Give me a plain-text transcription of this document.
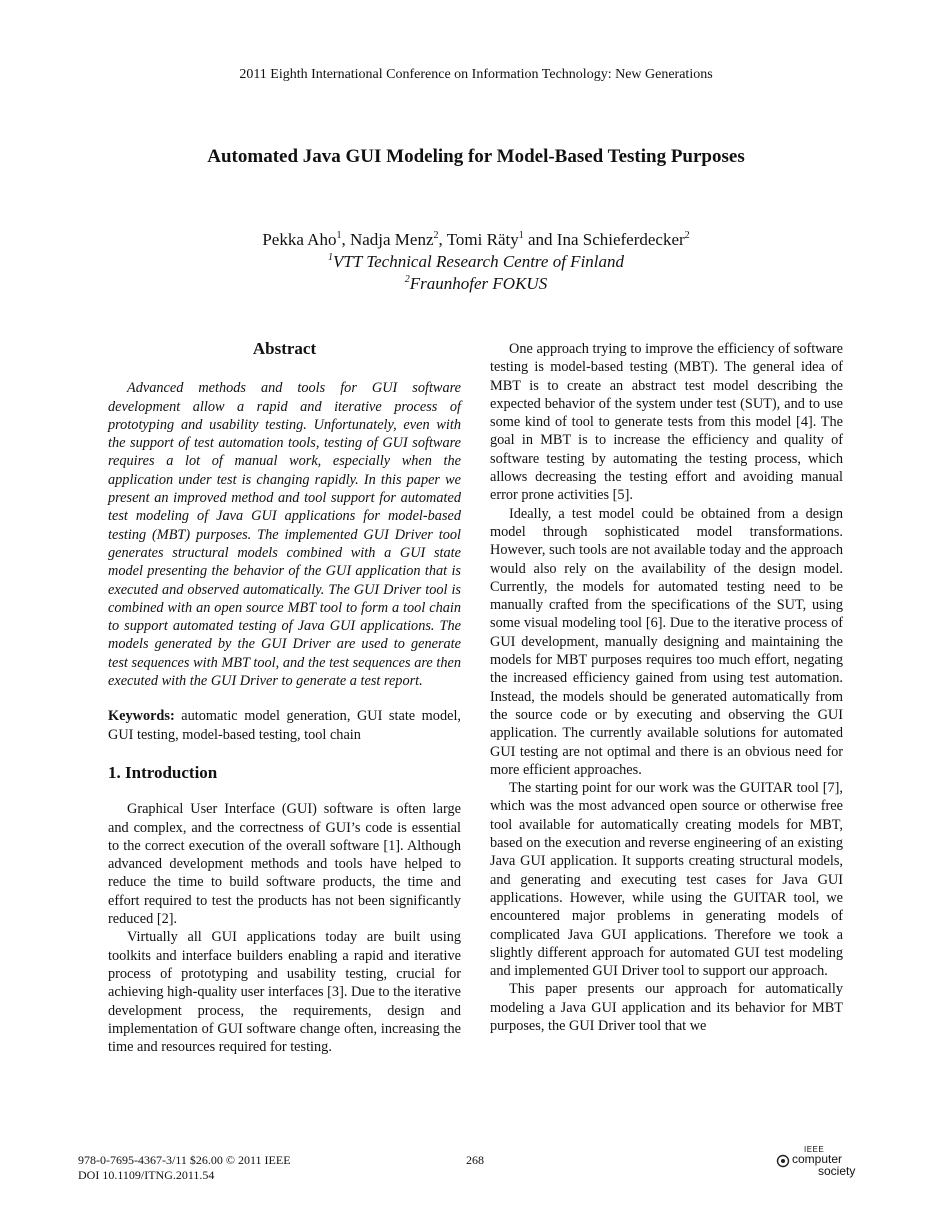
2011 Eighth International Conference on Information Technology: New Generations
Automated Java GUI Modeling for Model-Based Testing Purposes
Pekka Aho$^1$, Nadja Menz$^2$, Tomi Räty$^1$ and Ina Schieferdecker$^2$
$^1$VTT Technical Research Centre of Finland
$^2$Fraunhofer FOKUS
Abstract

Advanced methods and tools for GUI software development allow a rapid and iterative process of prototyping and usability testing. Unfortunately, even with the support of test automation tools, testing of GUI software requires a lot of manual work, especially when the application under test is changing rapidly. In this paper we present an improved method and tool support for automated test modeling of Java GUI applications for model-based testing (MBT) purposes. The implemented GUI Driver tool generates structural models combined with a GUI state model presenting the behavior of the GUI application that is executed and observed automatically. The GUI Driver tool is combined with an open source MBT tool to form a tool chain to support automated testing of Java GUI applications. The models generated by the GUI Driver are used to generate test sequences with MBT tool, and the test sequences are then executed with the GUI Driver to generate a test report.

Keywords: automatic model generation, GUI state model, GUI testing, model-based testing, tool chain

1. Introduction

Graphical User Interface (GUI) software is often large and complex, and the correctness of GUI’s code is essential to the correct execution of the overall software [1]. Although advanced development methods and tools have helped to reduce the time to build software products, the time and effort required to test the products has not been significantly reduced [2].

Virtually all GUI applications today are built using toolkits and interface builders enabling a rapid and iterative process of prototyping and usability testing, crucial for achieving high-quality user interfaces [3]. Due to the iterative development process, the requirements, design and implementation of GUI software change often, increasing the time and resources required for testing.

One approach trying to improve the efficiency of software testing is model-based testing (MBT). The general idea of MBT is to create an abstract test model describing the expected behavior of the system under test (SUT), and to use some kind of tool to generate tests from this model [4]. The goal in MBT is to increase the efficiency and quality of software testing by automating the testing process, which allows decreasing the testing effort and avoiding manual error prone activities [5].

Ideally, a test model could be obtained from a design model through sophisticated model transformations. However, such tools are not available today and the approach would also rely on the availability of the design model. Currently, the models for automated testing need to be manually crafted from the specifications of the SUT, using some visual modeling tool [6]. Due to the iterative process of GUI development, manually designing and maintaining the models for MBT purposes requires too much effort, negating the increased efficiency gained from using test automation. Instead, the models should be generated automatically from the source code or by executing and observing the GUI application. The currently available solutions for automated GUI testing are not optimal and there is an obvious need for more efficient approaches.

The starting point for our work was the GUITAR tool [7], which was the most advanced open source or otherwise free tool available for automatically creating models for MBT, based on the execution and reverse engineering of an existing Java GUI application. It supports creating structural models, and generating and executing test cases for Java GUI applications. However, while using the GUITAR tool, we encountered major problems in generating models of complicated Java GUI applications. Therefore we took a slightly different approach for automated GUI test modeling and implemented GUI Driver tool to support our approach.

This paper presents our approach for automatically modeling a Java GUI application and its behavior for MBT purposes, the GUI Driver tool that we

978-0-7695-4367-3/11 $26.00 © 2011 IEEE
DOI 10.1109/ITNG.2011.54
268
IEEE
computer
society
